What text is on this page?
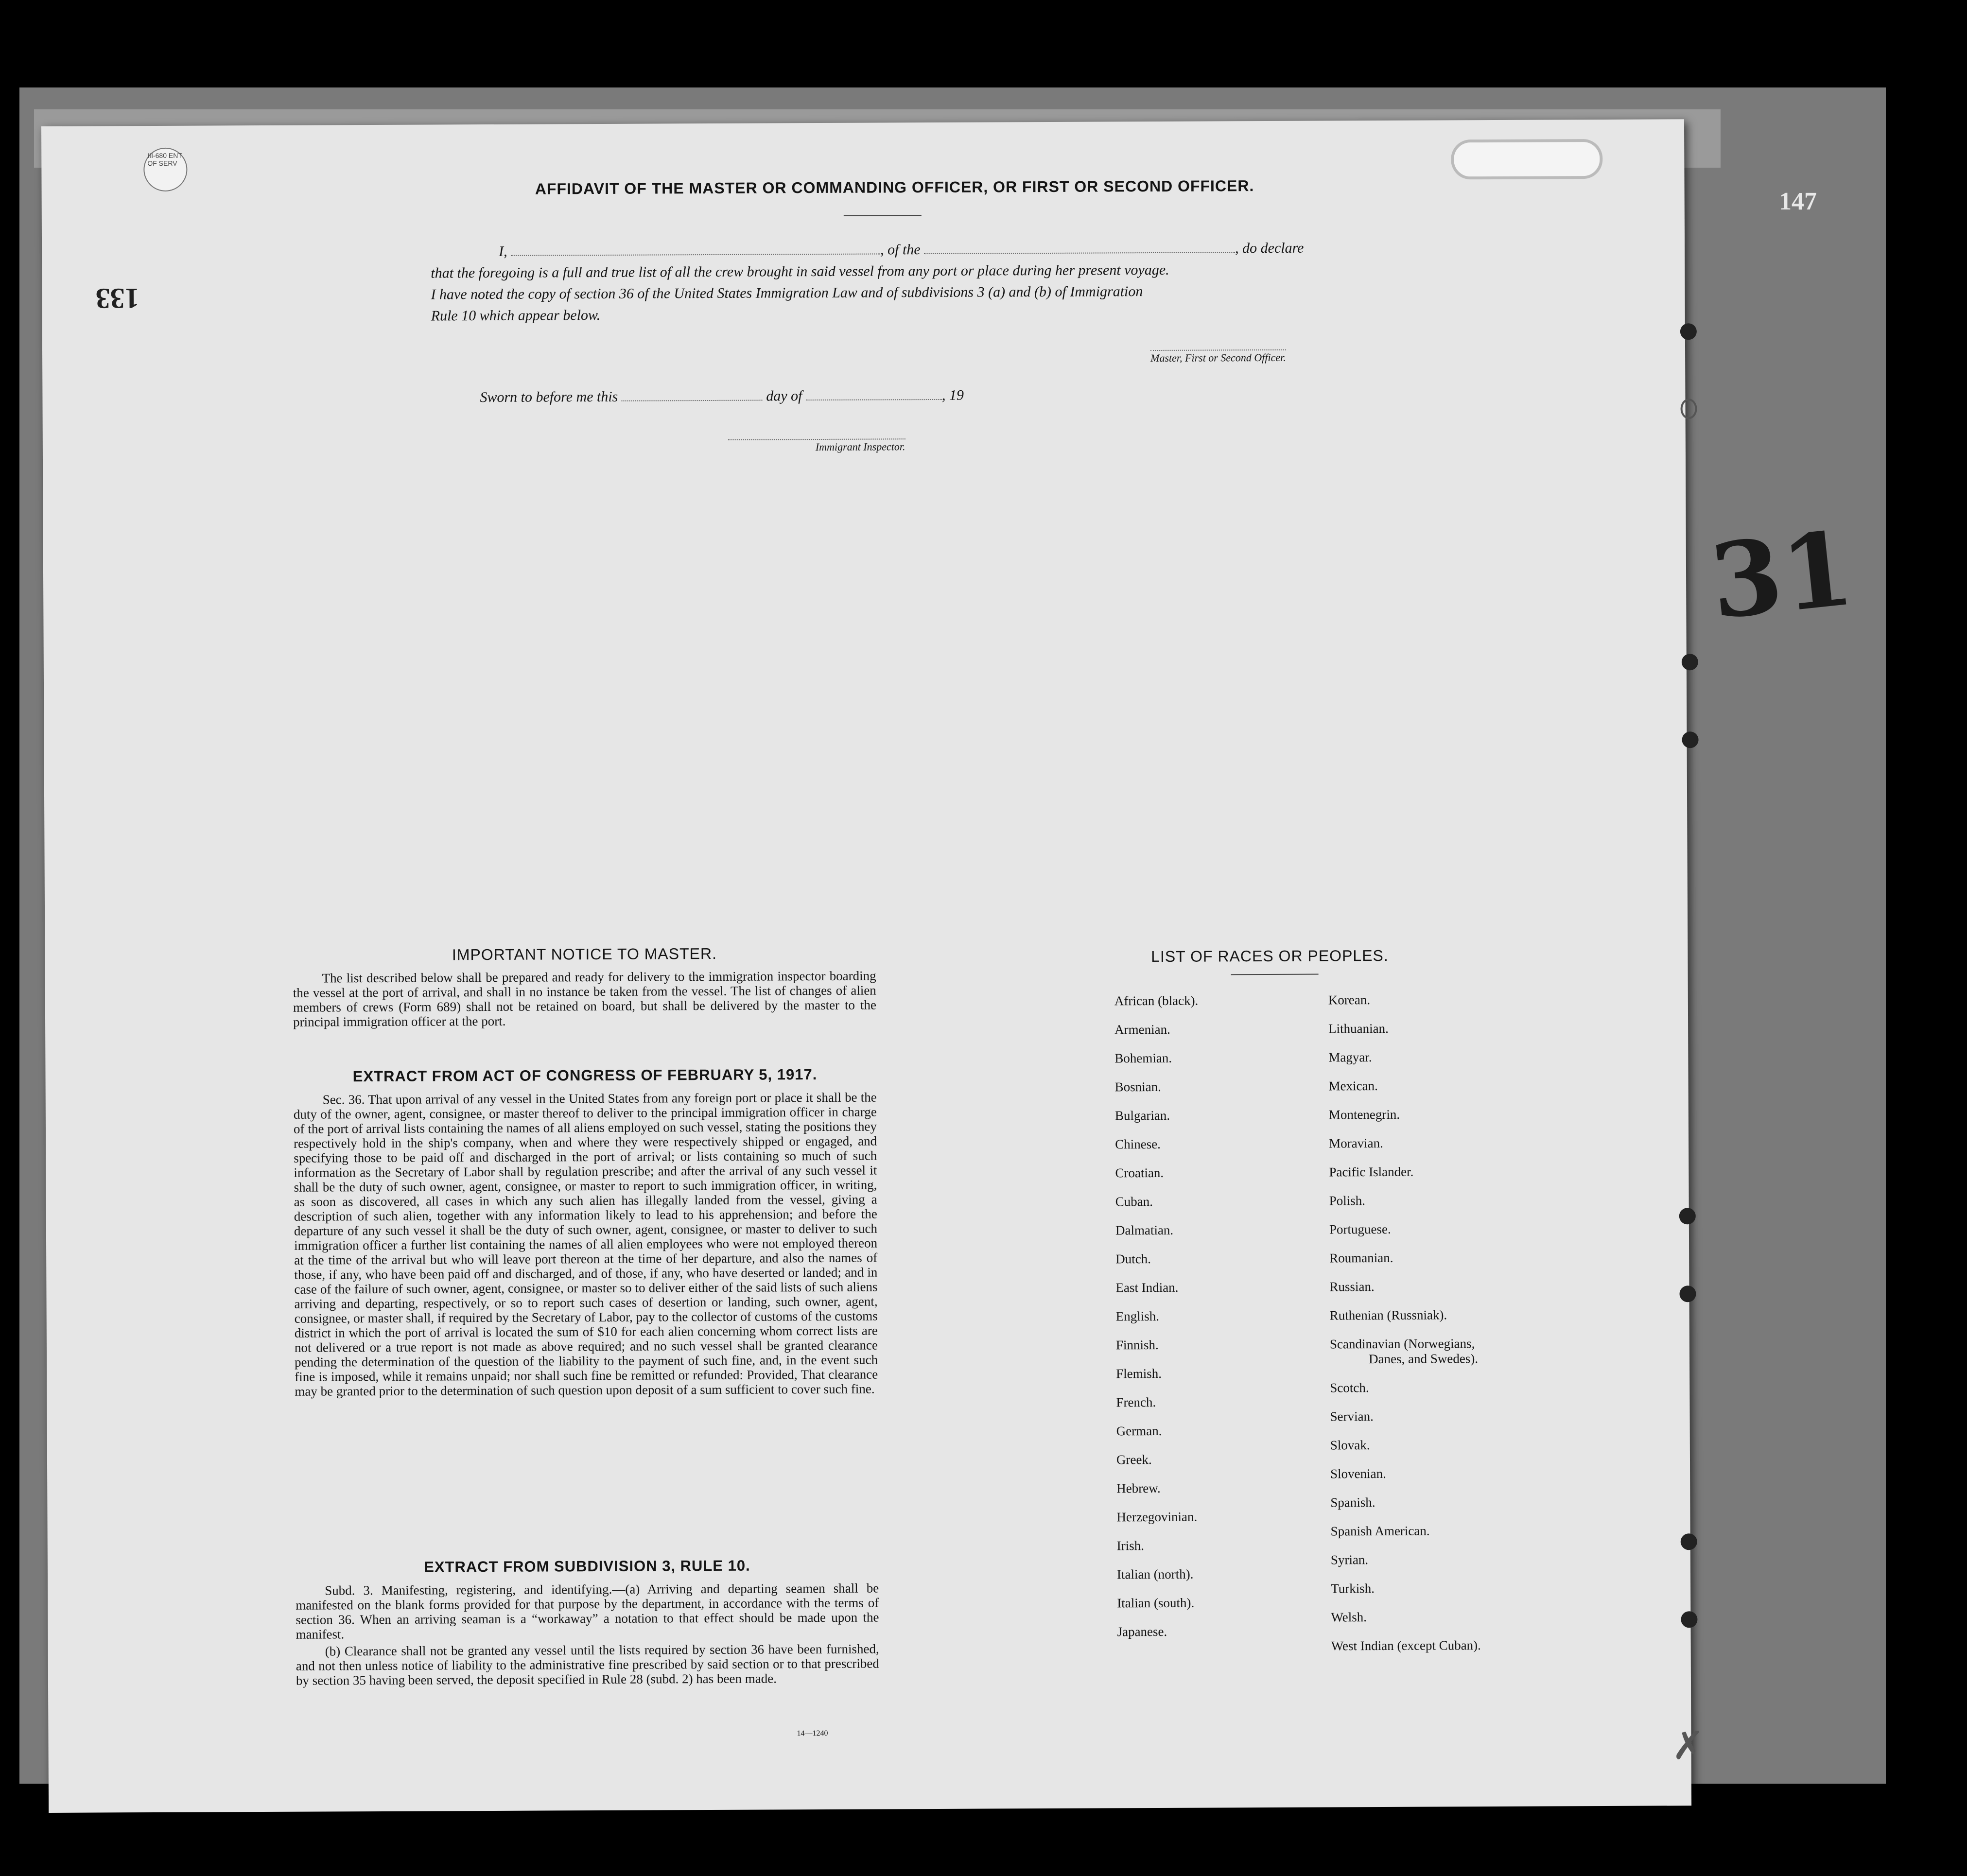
147
31
III-680 ENT OF SERV
133
AFFIDAVIT OF THE MASTER OR COMMANDING OFFICER, OR FIRST OR SECOND OFFICER.
I,	, of the	, do declare
that the foregoing is a full and true list of all the crew brought in said vessel from any port or place during her present voyage.
I have noted the copy of section 36 of the United States Immigration Law and of subdivisions 3 (a) and (b) of Immigration
Rule 10 which appear below.
Master, First or Second Officer.
Sworn to before me this	day of	, 19
Immigrant Inspector.
IMPORTANT NOTICE TO MASTER.
The list described below shall be prepared and ready for delivery to the immigration inspector boarding the vessel at the port of arrival, and shall in no instance be taken from the vessel. The list of changes of alien members of crews (Form 689) shall not be retained on board, but shall be delivered by the master to the principal immigration officer at the port.
EXTRACT FROM ACT OF CONGRESS OF FEBRUARY 5, 1917.
Sec. 36. That upon arrival of any vessel in the United States from any foreign port or place it shall be the duty of the owner, agent, consignee, or master thereof to deliver to the principal immigration officer in charge of the port of arrival lists containing the names of all aliens employed on such vessel, stating the positions they respectively hold in the ship's company, when and where they were respectively shipped or engaged, and specifying those to be paid off and discharged in the port of arrival; or lists containing so much of such information as the Secretary of Labor shall by regulation prescribe; and after the arrival of any such vessel it shall be the duty of such owner, agent, consignee, or master to report to such immigration officer, in writing, as soon as discovered, all cases in which any such alien has illegally landed from the vessel, giving a description of such alien, together with any information likely to lead to his apprehension; and before the departure of any such vessel it shall be the duty of such owner, agent, consignee, or master to deliver to such immigration officer a further list containing the names of all alien employees who were not employed thereon at the time of the arrival but who will leave port thereon at the time of her departure, and also the names of those, if any, who have been paid off and discharged, and of those, if any, who have deserted or landed; and in case of the failure of such owner, agent, consignee, or master so to deliver either of the said lists of such aliens arriving and departing, respectively, or so to report such cases of desertion or landing, such owner, agent, consignee, or master shall, if required by the Secretary of Labor, pay to the collector of customs of the customs district in which the port of arrival is located the sum of $10 for each alien concerning whom correct lists are not delivered or a true report is not made as above required; and no such vessel shall be granted clearance pending the determination of the question of the liability to the payment of such fine, and, in the event such fine is imposed, while it remains unpaid; nor shall such fine be remitted or refunded: Provided, That clearance may be granted prior to the determination of such question upon deposit of a sum sufficient to cover such fine.
EXTRACT FROM SUBDIVISION 3, RULE 10.
Subd. 3. Manifesting, registering, and identifying.—(a) Arriving and departing seamen shall be manifested on the blank forms provided for that purpose by the department, in accordance with the terms of section 36. When an arriving seaman is a “workaway” a notation to that effect should be made upon the manifest.
(b) Clearance shall not be granted any vessel until the lists required by section 36 have been furnished, and not then unless notice of liability to the administrative fine prescribed by said section or to that prescribed by section 35 having been served, the deposit specified in Rule 28 (subd. 2) has been made.
14—1240
LIST OF RACES OR PEOPLES.
African (black).
Armenian.
Bohemian.
Bosnian.
Bulgarian.
Chinese.
Croatian.
Cuban.
Dalmatian.
Dutch.
East Indian.
English.
Finnish.
Flemish.
French.
German.
Greek.
Hebrew.
Herzegovinian.
Irish.
Italian (north).
Italian (south).
Japanese.
Korean.
Lithuanian.
Magyar.
Mexican.
Montenegrin.
Moravian.
Pacific Islander.
Polish.
Portuguese.
Roumanian.
Russian.
Ruthenian (Russniak).
Scandinavian (Norwegians,
Danes, and Swedes).
Scotch.
Servian.
Slovak.
Slovenian.
Spanish.
Spanish American.
Syrian.
Turkish.
Welsh.
West Indian (except Cuban).
✗
